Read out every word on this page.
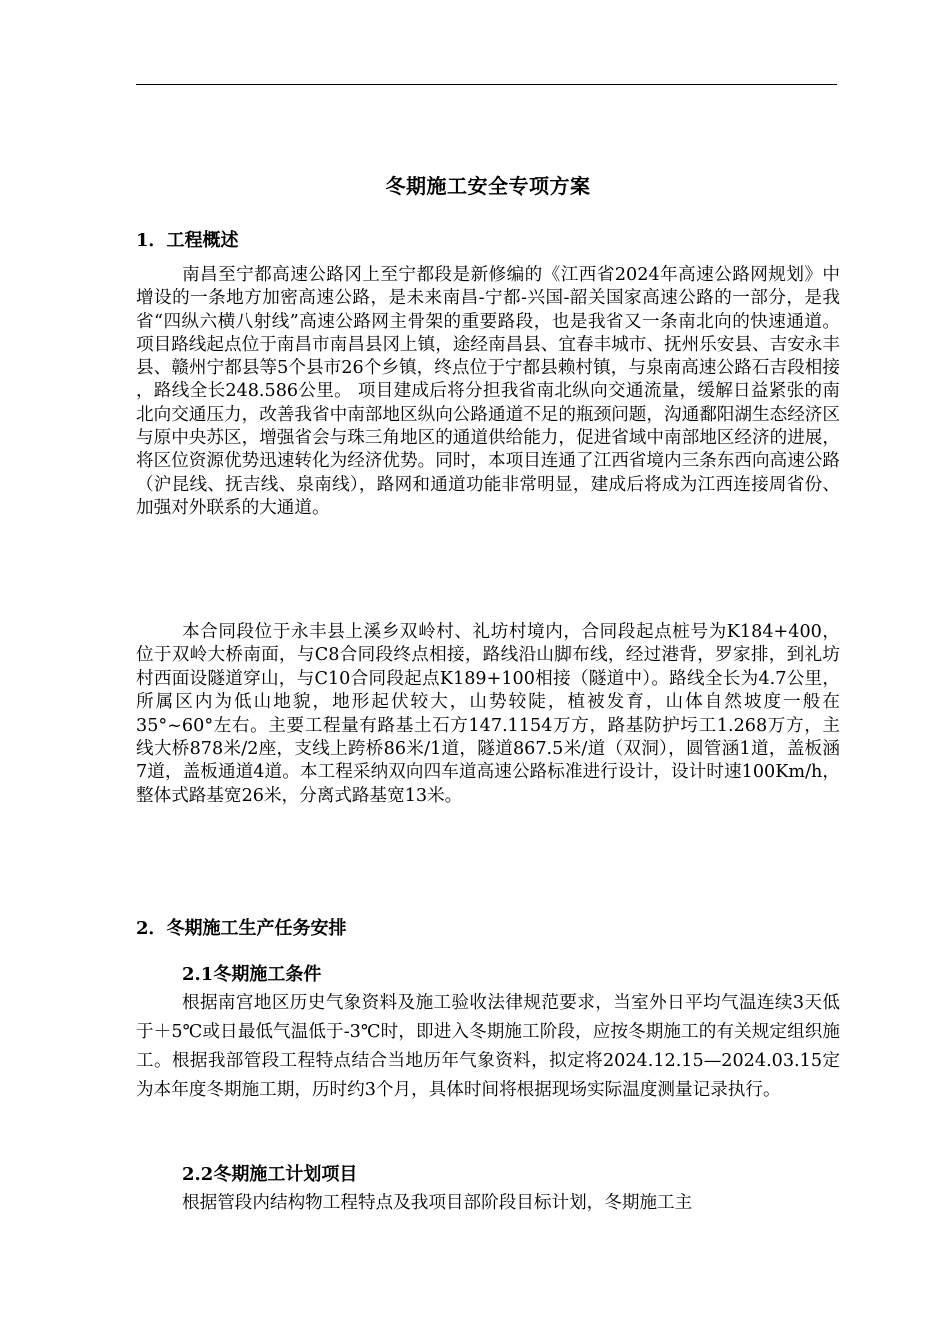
冬期施工安全专项方案
1．工程概述

南昌至宁都高速公路冈上至宁都段是新修编的《江西省2024年高速公路网规划》中增设的一条地方加密高速公路，是未来南昌-宁都-兴国-韶关国家高速公路的一部分，是我省“四纵六横八射线”高速公路网主骨架的重要路段，也是我省又一条南北向的快速通道。项目路线起点位于南昌市南昌县冈上镇，途经南昌县、宜春丰城市、抚州乐安县、吉安永丰县、赣州宁都县等5个县市26个乡镇，终点位于宁都县赖村镇，与泉南高速公路石吉段相接 ，路线全长248.586公里。 项目建成后将分担我省南北纵向交通流量，缓解日益紧张的南北向交通压力，改善我省中南部地区纵向公路通道不足的瓶颈问题，沟通鄱阳湖生态经济区与原中央苏区，增强省会与珠三角地区的通道供给能力，促进省域中南部地区经济的进展，将区位资源优势迅速转化为经济优势。同时，本项目连通了江西省境内三条东西向高速公路（沪昆线、抚吉线、泉南线），路网和通道功能非常明显，建成后将成为江西连接周省份、加强对外联系的大通道。

本合同段位于永丰县上溪乡双岭村、礼坊村境内，合同段起点桩号为K184+400，位于双岭大桥南面，与C8合同段终点相接，路线沿山脚布线，经过港背，罗家排，到礼坊村西面设隧道穿山，与C10合同段起点K189+100相接（隧道中）。路线全长为4.7公里，所属区内为低山地貌，地形起伏较大，山势较陡，植被发育，山体自然坡度一般在35°~60°左右。主要工程量有路基土石方147.1154万方，路基防护圬工1.268万方，主线大桥878米/2座，支线上跨桥86米/1道，隧道867.5米/道（双洞），圆管涵1道，盖板涵7道，盖板通道4道。本工程采纳双向四车道高速公路标准进行设计，设计时速100Km/h，整体式路基宽26米，分离式路基宽13米。

2．冬期施工生产任务安排
2.1冬期施工条件

根据南宫地区历史气象资料及施工验收法律规范要求，当室外日平均气温连续3天低于＋5℃或日最低气温低于-3℃时，即进入冬期施工阶段，应按冬期施工的有关规定组织施工。根据我部管段工程特点结合当地历年气象资料，拟定将2024.12.15—2024.03.15定为本年度冬期施工期，历时约3个月，具体时间将根据现场实际温度测量记录执行。

2.2冬期施工计划项目

根据管段内结构物工程特点及我项目部阶段目标计划，冬期施工主
